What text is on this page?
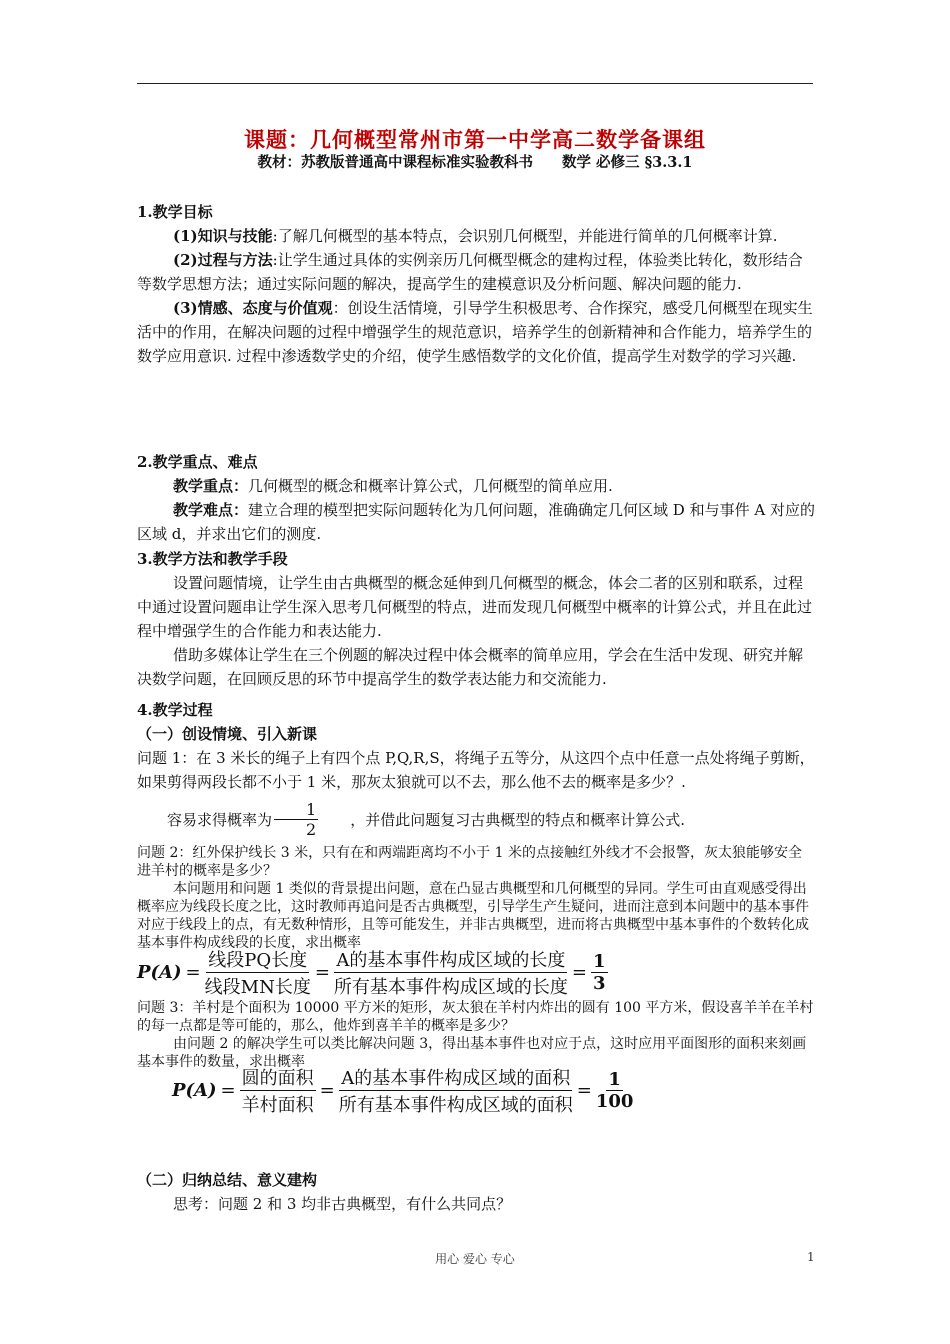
课题：几何概型常州市第一中学高二数学备课组
教材：苏教版普通高中课程标准实验教科书　　数学 必修三 §3.3.1
1.教学目标
(1)知识与技能:了解几何概型的基本特点，会识别几何概型，并能进行简单的几何概率计算.
(2)过程与方法:让学生通过具体的实例亲历几何概型概念的建构过程，体验类比转化，数形结合等数学思想方法；通过实际问题的解决，提高学生的建模意识及分析问题、解决问题的能力.
(3)情感、态度与价值观：创设生活情境，引导学生积极思考、合作探究，感受几何概型在现实生活中的作用，在解决问题的过程中增强学生的规范意识，培养学生的创新精神和合作能力，培养学生的数学应用意识. 过程中渗透数学史的介绍，使学生感悟数学的文化价值，提高学生对数学的学习兴趣.
2.教学重点、难点
教学重点：几何概型的概念和概率计算公式，几何概型的简单应用.
教学难点：建立合理的模型把实际问题转化为几何问题，准确确定几何区域 D 和与事件 A 对应的区域 d，并求出它们的测度.
3.教学方法和教学手段
设置问题情境，让学生由古典概型的概念延伸到几何概型的概念，体会二者的区别和联系，过程中通过设置问题串让学生深入思考几何概型的特点，进而发现几何概型中概率的计算公式，并且在此过程中增强学生的合作能力和表达能力.
借助多媒体让学生在三个例题的解决过程中体会概率的简单应用，学会在生活中发现、研究并解决数学问题，在回顾反思的环节中提高学生的数学表达能力和交流能力.
4.教学过程
（一）创设情境、引入新课
问题 1：在 3 米长的绳子上有四个点 P,Q,R,S，将绳子五等分，从这四个点中任意一点处将绳子剪断，如果剪得两段长都不小于 1 米，那灰太狼就可以不去，那么他不去的概率是多少？.
容易求得概率为 $\frac{1}{2}$	，并借此问题复习古典概型的特点和概率计算公式.
问题 2：红外保护线长 3 米，只有在和两端距离均不小于 1 米的点接触红外线才不会报警，灰太狼能够安全进羊村的概率是多少？
本问题用和问题 1 类似的背景提出问题，意在凸显古典概型和几何概型的异同。学生可由直观感受得出概率应为线段长度之比，这时教师再追问是否古典概型，引导学生产生疑问，进而注意到本问题中的基本事件对应于线段上的点，有无数种情形，且等可能发生，并非古典概型，进而将古典概型中基本事件的个数转化成基本事件构成线段的长度，求出概率
$P(A) = \frac{\text{线段PQ长度}}{\text{线段MN长度}} = \frac{\text{A的基本事件构成区域的长度}}{\text{所有基本事件构成区域的长度}} = \frac{1}{3}$
问题 3：羊村是个面积为 10000 平方米的矩形，灰太狼在羊村内炸出的圆有 100 平方米，假设喜羊羊在羊村的每一点都是等可能的，那么，他炸到喜羊羊的概率是多少？
由问题 2 的解决学生可以类比解决问题 3，得出基本事件也对应于点，这时应用平面图形的面积来刻画基本事件的数量，求出概率
$P(A) = \frac{\text{圆的面积}}{\text{羊村面积}} = \frac{\text{A的基本事件构成区域的面积}}{\text{所有基本事件构成区域的面积}} = \frac{1}{100}$
（二）归纳总结、意义建构
思考：问题 2 和 3 均非古典概型，有什么共同点？
用心 爱心 专心	1
